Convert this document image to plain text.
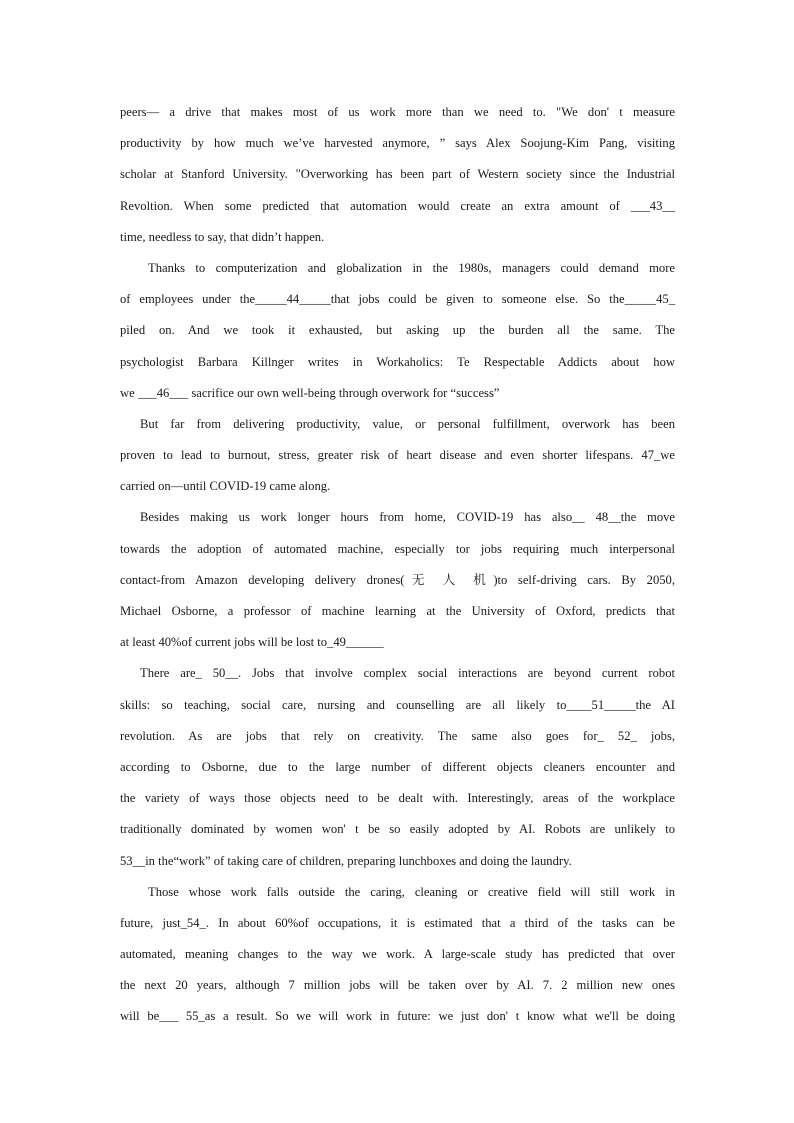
peers— a drive that makes most of us work more than we need to. "We don' t measure
productivity by how much we’ve harvested anymore, ” says Alex Soojung-Kim Pang, visiting
scholar at Stanford University. "Overworking has been part of Western society since the Industrial
Revoltion. When some predicted that automation would create an extra amount of ___43__
time, needless to say, that didn’t happen.
Thanks to computerization and globalization in the 1980s, managers could demand more
of employees under the_____44_____that jobs could be given to someone else. So the_____45_
piled on. And we took it exhausted, but asking up the burden all the same. The
psychologist Barbara Killnger writes in Workaholics: Te Respectable Addicts about how
we ___46___ sacrifice our own well-being through overwork for “success”
But far from delivering productivity, value, or personal fulfillment, overwork has been
proven to lead to burnout, stress, greater risk of heart disease and even shorter lifespans. 47_we
carried on—until COVID-19 came along.
Besides making us work longer hours from home, COVID-19 has also__ 48__the move
towards the adoption of automated machine, especially tor jobs requiring much interpersonal
contact-from Amazon developing delivery drones(无 人 机)to self-driving cars. By 2050,
Michael Osborne, a professor of machine learning at the University of Oxford, predicts that
at least 40%of current jobs will be lost to_49______
There are_ 50__. Jobs that involve complex social interactions are beyond current robot
skills: so teaching, social care, nursing and counselling are all likely to____51_____the AI
revolution. As are jobs that rely on creativity. The same also goes for_ 52_ jobs,
according to Osborne, due to the large number of different objects cleaners encounter and
the variety of ways those objects need to be dealt with. Interestingly, areas of the workplace
traditionally dominated by women won' t be so easily adopted by AI. Robots are unlikely to
53__in the“work” of taking care of children, preparing lunchboxes and doing the laundry.
Those whose work falls outside the caring, cleaning or creative field will still work in
future, just_54_. In about 60%of occupations, it is estimated that a third of the tasks can be
automated, meaning changes to the way we work. A large-scale study has predicted that over
the next 20 years, although 7 million jobs will be taken over by AI. 7. 2 million new ones
will be___ 55_as a result. So we will work in future: we just don' t know what we'll be doing
